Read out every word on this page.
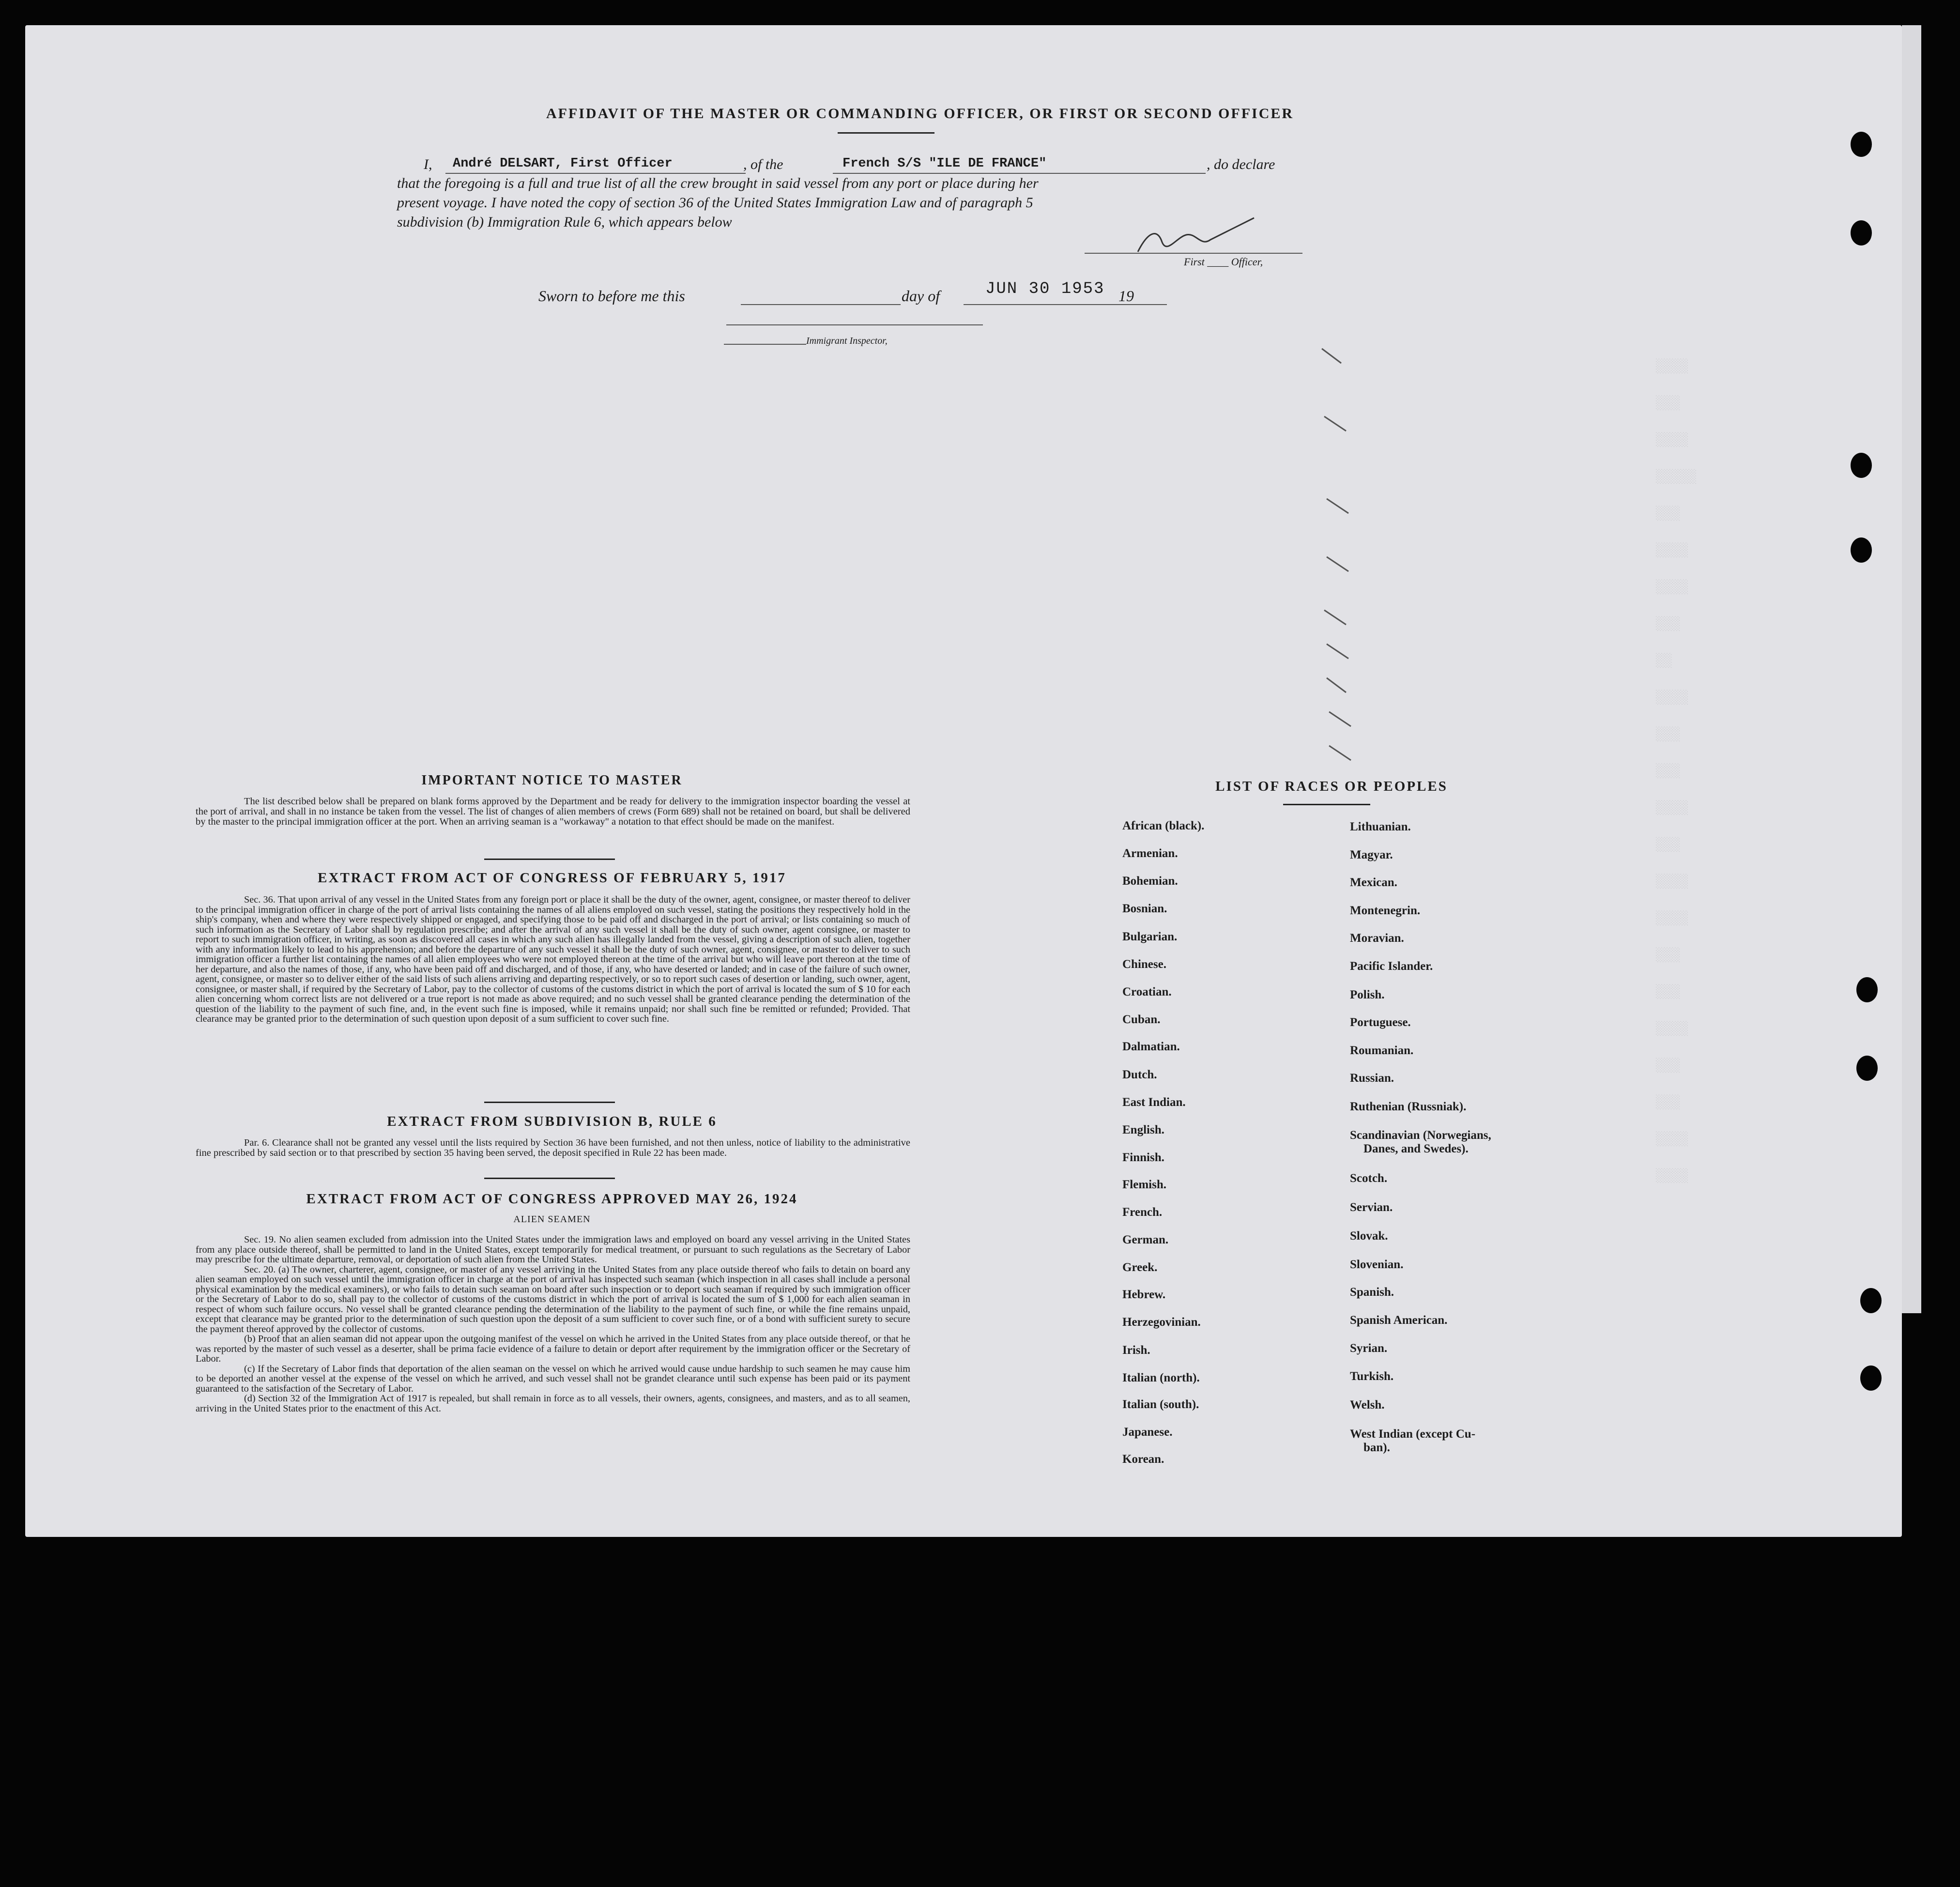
░░░░
░░░
░░░░
░░░░░
░░░
░░░░
░░░░
░░░
░░
░░░░
░░░
░░░
░░░░
░░░
░░░░
░░░░
░░░
░░░
░░░░
░░░
░░░
░░░░
░░░░
AFFIDAVIT OF THE MASTER OR COMMANDING OFFICER, OR FIRST OR SECOND OFFICER
I, André DELSART, First Officer	, of the	French S/S "ILE DE FRANCE"	, do declare
that the foregoing is a full and true list of all the crew brought in said vessel from any port or place during her
present voyage. I have noted the copy of section 36 of the United States Immigration Law and of paragraph 5
subdivision (b) Immigration Rule 6, which appears below
First ____ Officer,
Sworn to before me this	day of	JUN 30 1953 19
Immigrant Inspector,
IMPORTANT NOTICE TO MASTER

The list described below shall be prepared on blank forms approved by the Department and be ready for delivery to the immigration inspector boarding the vessel at the port of arrival, and shall in no instance be taken from the vessel. The list of changes of alien members of crews (Form 689) shall not be retained on board, but shall be delivered by the master to the principal immigration officer at the port. When an arriving seaman is a "workaway" a notation to that effect should be made on the manifest.

EXTRACT FROM ACT OF CONGRESS OF FEBRUARY 5, 1917

Sec. 36. That upon arrival of any vessel in the United States from any foreign port or place it shall be the duty of the owner, agent, consignee, or master thereof to deliver to the principal immigration officer in charge of the port of arrival lists containing the names of all aliens employed on such vessel, stating the positions they respectively hold in the ship's company, when and where they were respectively shipped or engaged, and specifying those to be paid off and discharged in the port of arrival; or lists containing so much of such information as the Secretary of Labor shall by regulation prescribe; and after the arrival of any such vessel it shall be the duty of such owner, agent consignee, or master to report to such immigration officer, in writing, as soon as discovered all cases in which any such alien has illegally landed from the vessel, giving a description of such alien, together with any information likely to lead to his apprehension; and before the departure of any such vessel it shall be the duty of such owner, agent, consignee, or master to deliver to such immigration officer a further list containing the names of all alien employees who were not employed thereon at the time of the arrival but who will leave port thereon at the time of her departure, and also the names of those, if any, who have been paid off and discharged, and of those, if any, who have deserted or landed; and in case of the failure of such owner, agent, consignee, or master so to deliver either of the said lists of such aliens arriving and departing respectively, or so to report such cases of desertion or landing, such owner, agent, consignee, or master shall, if required by the Secretary of Labor, pay to the collector of customs of the customs district in which the port of arrival is located the sum of $ 10 for each alien concerning whom correct lists are not delivered or a true report is not made as above required; and no such vessel shall be granted clearance pending the determination of the question of the liability to the payment of such fine, and, in the event such fine is imposed, while it remains unpaid; nor shall such fine be remitted or refunded; Provided. That clearance may be granted prior to the determination of such question upon deposit of a sum sufficient to cover such fine.

EXTRACT FROM SUBDIVISION B, RULE 6

Par. 6. Clearance shall not be granted any vessel until the lists required by Section 36 have been furnished, and not then unless, notice of liability to the administrative fine prescribed by said section or to that prescribed by section 35 having been served, the deposit specified in Rule 22 has been made.

EXTRACT FROM ACT OF CONGRESS APPROVED MAY 26, 1924
ALIEN SEAMEN

Sec. 19. No alien seamen excluded from admission into the United States under the immigration laws and employed on board any vessel arriving in the United States from any place outside thereof, shall be permitted to land in the United States, except temporarily for medical treatment, or pursuant to such regulations as the Secretary of Labor may prescribe for the ultimate departure, removal, or deportation of such alien from the United States.

Sec. 20. (a) The owner, charterer, agent, consignee, or master of any vessel arriving in the United States from any place outside thereof who fails to detain on board any alien seaman employed on such vessel until the immigration officer in charge at the port of arrival has inspected such seaman (which inspection in all cases shall include a personal physical examination by the medical examiners), or who fails to detain such seaman on board after such inspection or to deport such seaman if required by such immigration officer or the Secretary of Labor to do so, shall pay to the collector of customs of the customs district in which the port of arrival is located the sum of $ 1,000 for each alien seaman in respect of whom such failure occurs. No vessel shall be granted clearance pending the determination of the liability to the payment of such fine, or while the fine remains unpaid, except that clearance may be granted prior to the determination of such question upon the deposit of a sum sufficient to cover such fine, or of a bond with sufficient surety to secure the payment thereof approved by the collector of customs.

(b) Proof that an alien seaman did not appear upon the outgoing manifest of the vessel on which he arrived in the United States from any place outside thereof, or that he was reported by the master of such vessel as a deserter, shall be prima facie evidence of a failure to detain or deport after requirement by the immigration officer or the Secretary of Labor.

(c) If the Secretary of Labor finds that deportation of the alien seaman on the vessel on which he arrived would cause undue hardship to such seamen he may cause him to be deported an another vessel at the expense of the vessel on which he arrived, and such vessel shall not be grandet clearance until such expense has been paid or its payment guaranteed to the satisfaction of the Secretary of Labor.

(d) Section 32 of the Immigration Act of 1917 is repealed, but shall remain in force as to all vessels, their owners, agents, consignees, and masters, and as to all seamen, arriving in the United States prior to the enactment of this Act.

LIST OF RACES OR PEOPLES
African (black).
Armenian.
Bohemian.
Bosnian.
Bulgarian.
Chinese.
Croatian.
Cuban.
Dalmatian.
Dutch.
East Indian.
English.
Finnish.
Flemish.
French.
German.
Greek.
Hebrew.
Herzegovinian.
Irish.
Italian (north).
Italian (south).
Japanese.
Korean.
Lithuanian.
Magyar.
Mexican.
Montenegrin.
Moravian.
Pacific Islander.
Polish.
Portuguese.
Roumanian.
Russian.
Ruthenian (Russniak).
Scandinavian (Norwegians,
Danes, and Swedes).
Scotch.
Servian.
Slovak.
Slovenian.
Spanish.
Spanish American.
Syrian.
Turkish.
Welsh.
West Indian (except Cu-
ban).
